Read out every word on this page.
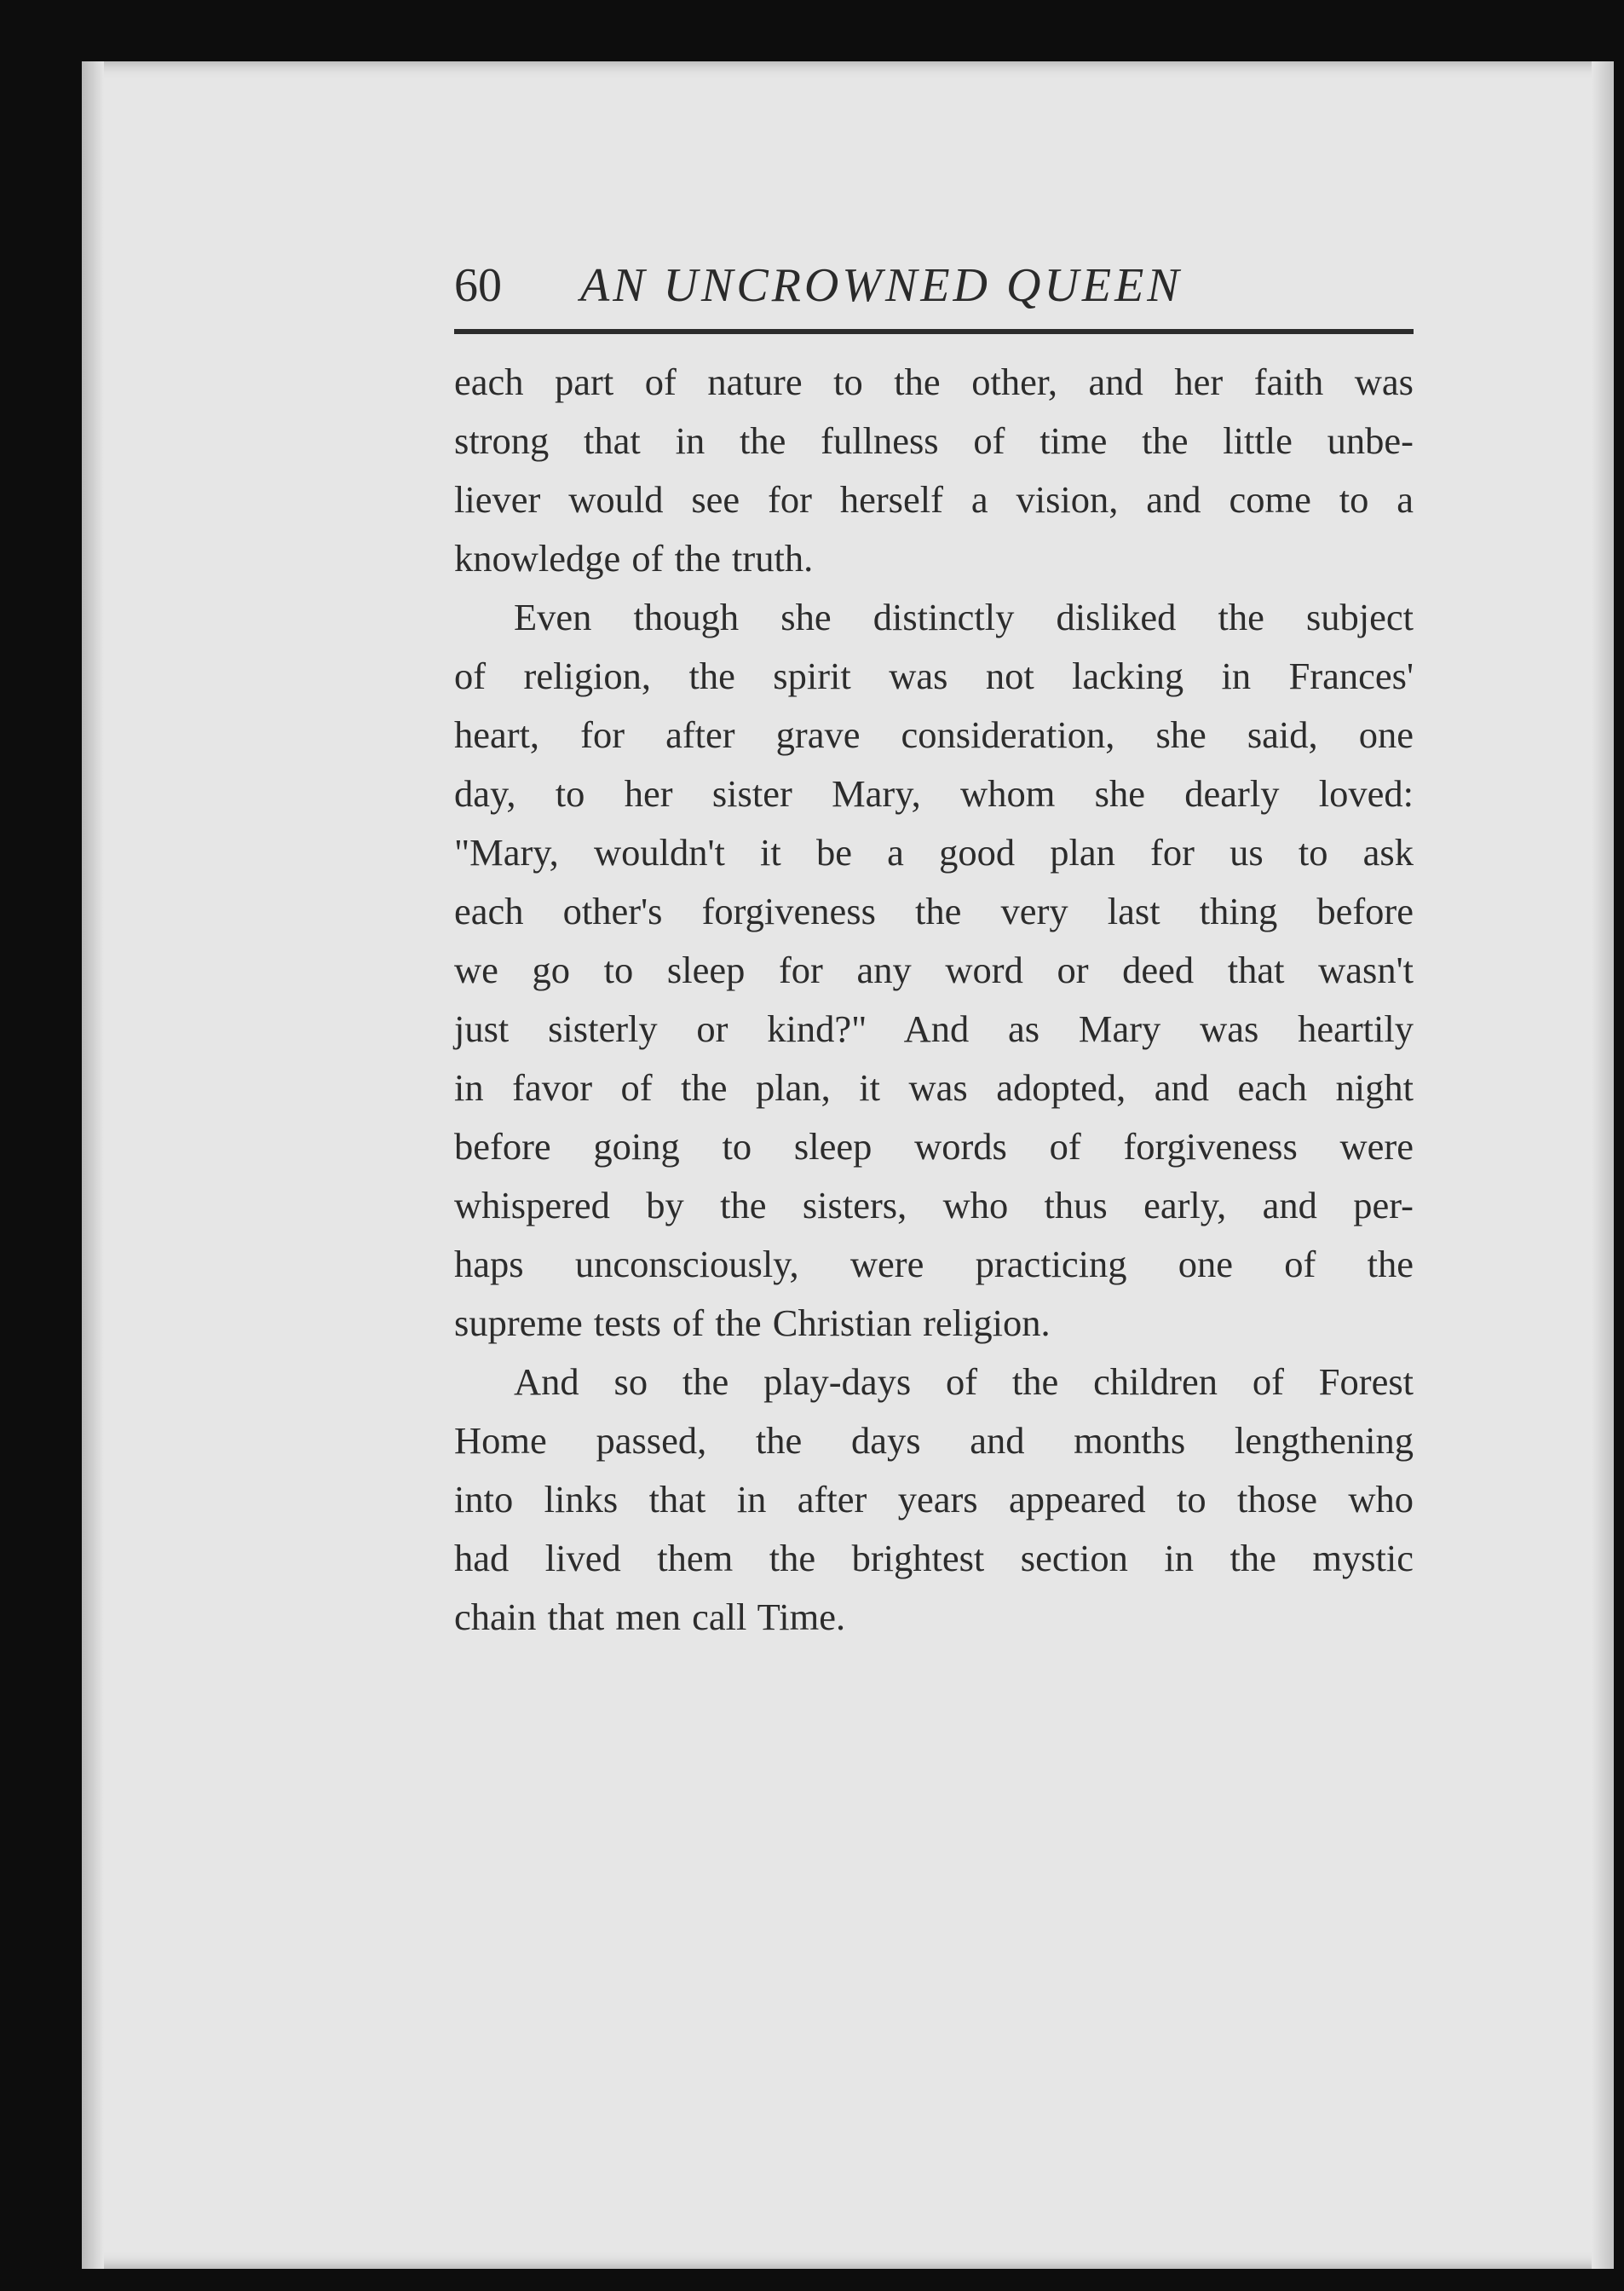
60 AN UNCROWNED QUEEN

each part of nature to the other, and her faith was

strong that in the fullness of time the little unbe-

liever would see for herself a vision, and come to a

knowledge of the truth.

Even though she distinctly disliked the subject

of religion, the spirit was not lacking in Frances'

heart, for after grave consideration, she said, one

day, to her sister Mary, whom she dearly loved:

"Mary, wouldn't it be a good plan for us to ask

each other's forgiveness the very last thing before

we go to sleep for any word or deed that wasn't

just sisterly or kind?" And as Mary was heartily

in favor of the plan, it was adopted, and each night

before going to sleep words of forgiveness were

whispered by the sisters, who thus early, and per-

haps unconsciously, were practicing one of the

supreme tests of the Christian religion.

And so the play-days of the children of Forest

Home passed, the days and months lengthening

into links that in after years appeared to those who

had lived them the brightest section in the mystic

chain that men call Time.
